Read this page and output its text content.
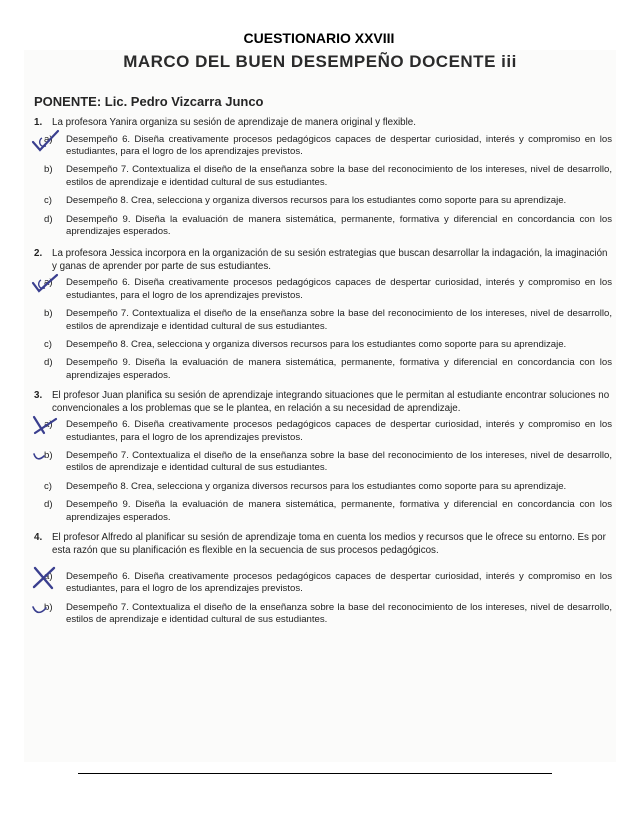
CUESTIONARIO XXVIII
MARCO DEL BUEN DESEMPEÑO DOCENTE iii
PONENTE: Lic. Pedro Vizcarra Junco
1.	La profesora Yanira organiza su sesión de aprendizaje de manera original y flexible.
a)	Desempeño 6. Diseña creativamente procesos pedagógicos capaces de despertar curiosidad, interés y compromiso en los estudiantes, para el logro de los aprendizajes previstos.
b)	Desempeño 7. Contextualiza el diseño de la enseñanza sobre la base del reconocimiento de los intereses, nivel de desarrollo, estilos de aprendizaje e identidad cultural de sus estudiantes.
c)	Desempeño 8. Crea, selecciona y organiza diversos recursos para los estudiantes como soporte para su aprendizaje.
d)	Desempeño 9. Diseña la evaluación de manera sistemática, permanente, formativa y diferencial en concordancia con los aprendizajes esperados.
2.	La profesora Jessica incorpora en la organización de su sesión estrategias que buscan desarrollar la indagación, la imaginación y ganas de aprender por parte de sus estudiantes.
a)	Desempeño 6. Diseña creativamente procesos pedagógicos capaces de despertar curiosidad, interés y compromiso en los estudiantes, para el logro de los aprendizajes previstos.
b)	Desempeño 7. Contextualiza el diseño de la enseñanza sobre la base del reconocimiento de los intereses, nivel de desarrollo, estilos de aprendizaje e identidad cultural de sus estudiantes.
c)	Desempeño 8. Crea, selecciona y organiza diversos recursos para los estudiantes como soporte para su aprendizaje.
d)	Desempeño 9. Diseña la evaluación de manera sistemática, permanente, formativa y diferencial en concordancia con los aprendizajes esperados.
3.	El profesor Juan planifica su sesión de aprendizaje integrando situaciones que le permitan al estudiante encontrar soluciones no convencionales a los problemas que se le plantea, en relación a su necesidad de aprendizaje.
a)	Desempeño 6. Diseña creativamente procesos pedagógicos capaces de despertar curiosidad, interés y compromiso en los estudiantes, para el logro de los aprendizajes previstos.
b)	Desempeño 7. Contextualiza el diseño de la enseñanza sobre la base del reconocimiento de los intereses, nivel de desarrollo, estilos de aprendizaje e identidad cultural de sus estudiantes.
c)	Desempeño 8. Crea, selecciona y organiza diversos recursos para los estudiantes como soporte para su aprendizaje.
d)	Desempeño 9. Diseña la evaluación de manera sistemática, permanente, formativa y diferencial en concordancia con los aprendizajes esperados.
4.	El profesor Alfredo al planificar su sesión de aprendizaje toma en cuenta los medios y recursos que le ofrece su entorno. Es por esta razón que su planificación es flexible en la secuencia de sus procesos pedagógicos.
a)	Desempeño 6. Diseña creativamente procesos pedagógicos capaces de despertar curiosidad, interés y compromiso en los estudiantes, para el logro de los aprendizajes previstos.
b)	Desempeño 7. Contextualiza el diseño de la enseñanza sobre la base del reconocimiento de los intereses, nivel de desarrollo, estilos de aprendizaje e identidad cultural de sus estudiantes.
